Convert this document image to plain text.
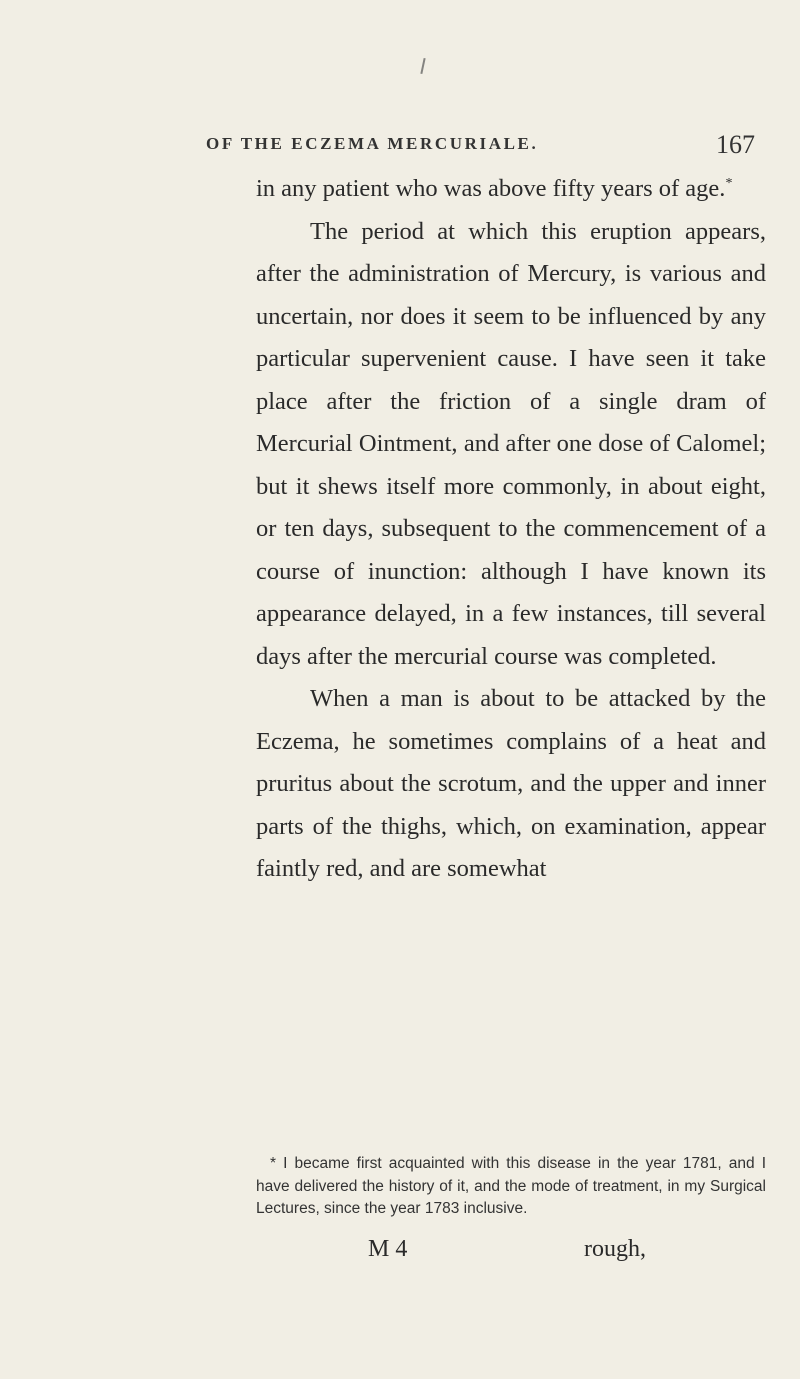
OF THE ECZEMA MERCURIALE.	167

in any patient who was above fifty years of age.*

The period at which this eruption appears, after the administration of Mercury, is various and uncertain, nor does it seem to be influenced by any particular supervenient cause. I have seen it take place after the friction of a single dram of Mercurial Ointment, and after one dose of Calomel; but it shews itself more commonly, in about eight, or ten days, subsequent to the commencement of a course of inunction: although I have known its appearance delayed, in a few instances, till several days after the mercurial course was completed.

When a man is about to be attacked by the Eczema, he sometimes complains of a heat and pruritus about the scrotum, and the upper and inner parts of the thighs, which, on examination, appear faintly red, and are somewhat

* I became first acquainted with this disease in the year 1781, and I have delivered the history of it, and the mode of treatment, in my Surgical Lectures, since the year 1783 inclusive.

M 4	rough,
